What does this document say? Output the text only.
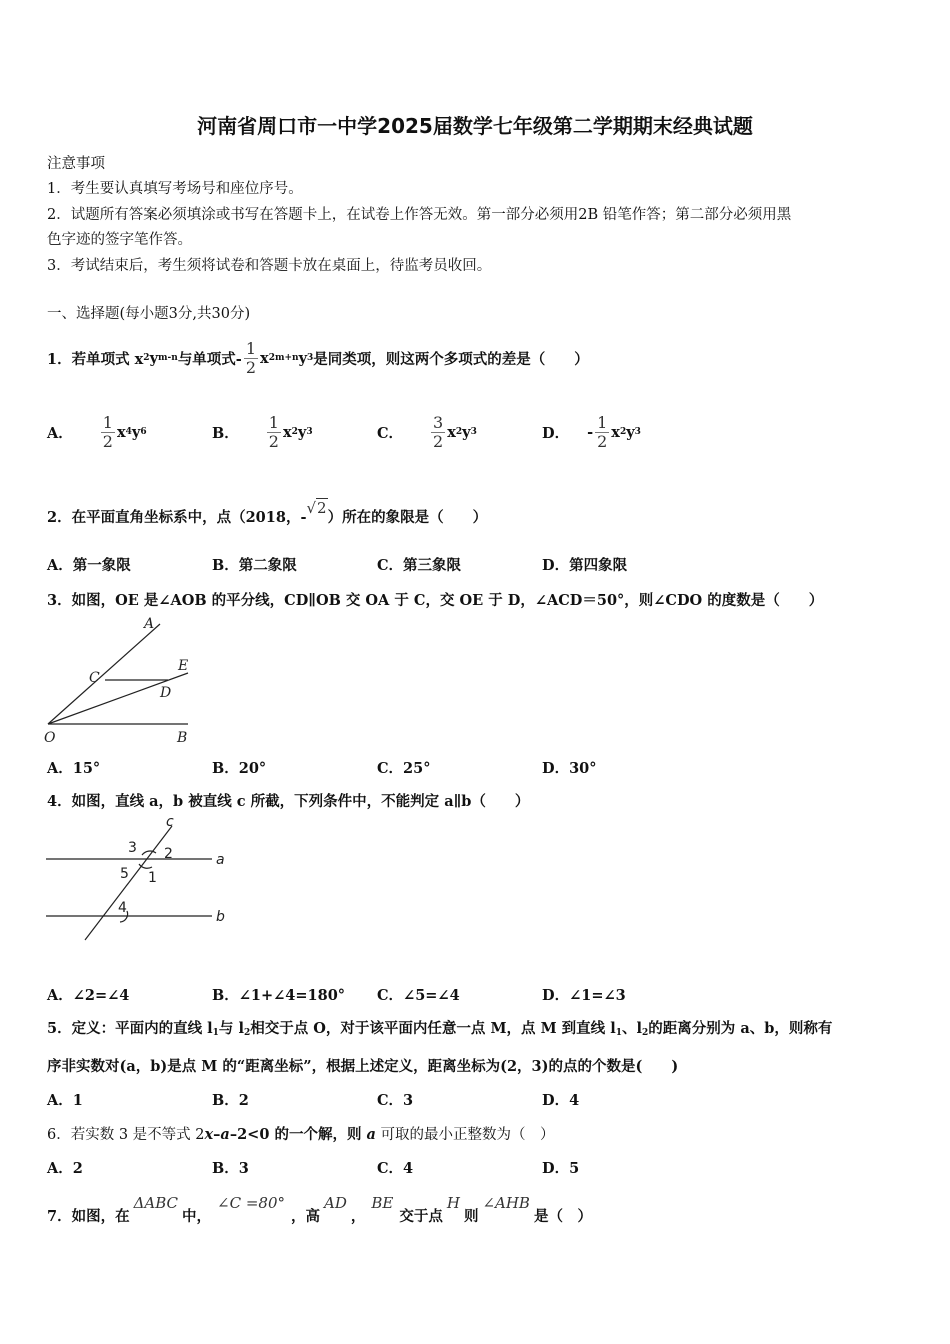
河南省周口市一中学2025届数学七年级第二学期期末经典试题
注意事项
1．考生要认真填写考场号和座位序号。
2．试题所有答案必须填涂或书写在答题卡上，在试卷上作答无效。第一部分必须用2B 铅笔作答；第二部分必须用黑
色字迹的签字笔作答。
3．考试结束后，考生须将试卷和答题卡放在桌面上，待监考员收回。
一、选择题(每小题3分,共30分)
1．若单项式 x 2 y m-n 与单项式- $\frac{1}{2}$ x 2m+n y 3 是同类项，则这两个多项式的差是（　　）
A． $\frac{1}{2}$ x 4 y 6	B． $\frac{1}{2}$ x 2 y 3	C． $\frac{3}{2}$ x 2 y 3	D． - $\frac{1}{2}$ x 2 y 3
2．在平面直角坐标系中，点（2018，- √2 ）所在的象限是（　　）
A．第一象限	B．第二象限	C．第三象限	D．第四象限
3．如图，OE 是∠AOB 的平分线，CD∥OB 交 OA 于 C，交 OE 于 D，∠ACD＝50°，则∠CDO 的度数是（　　）
A
E
C
D
O	B
A．15°	B．20°	C．25°	D．30°
4．如图，直线 a，b 被直线 c 所截，下列条件中，不能判定 a∥b（　　）
c
a
b
3 2
5 1
4
A．∠2=∠4	B．∠1+∠4=180° C．∠5=∠4	D．∠1=∠3
5．定义：平面内的直线 $l_1$与 $l_2$相交于点 O，对于该平面内任意一点 M，点 M 到直线 $l_1$、$l_2$的距离分别为 a、b，则称有
序非实数对(a，b)是点 M 的“距离坐标”，根据上述定义，距离坐标为(2，3)的点的个数是(　　)
A．1	B．2	C．3	D．4
6．若实数 3 是不等式 2x–a–2<0 的一个解，则 a 可取的最小正整数为（　）
A．2	B．3	C．4	D．5
7．如图，在
ΔABC
中，
∠C =80°
，高
AD
，
BE
交于点
H
则
∠AHB
是（　）
